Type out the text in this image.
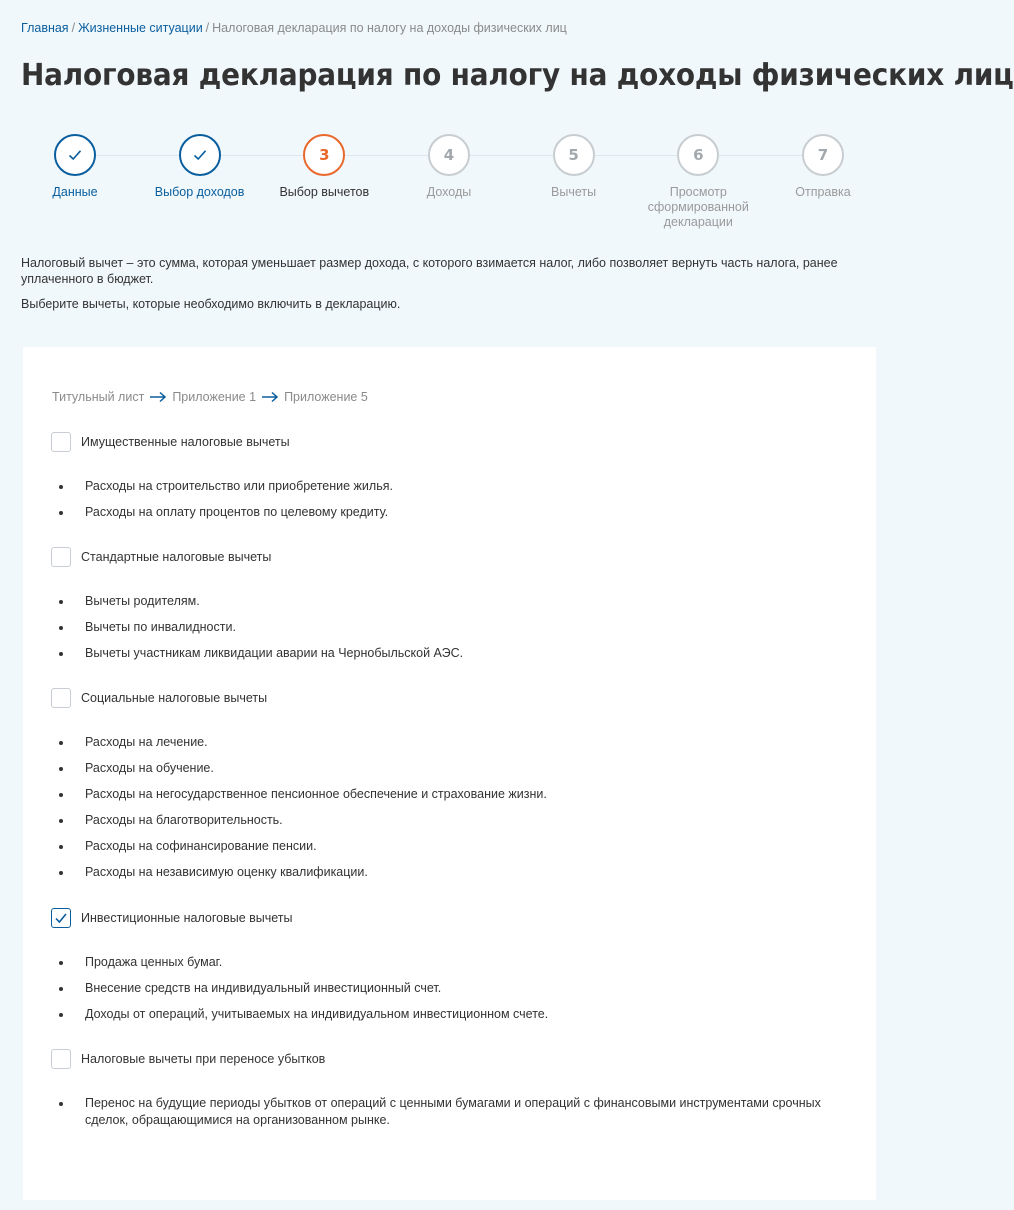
Главная / Жизненные ситуации / Налоговая декларация по налогу на доходы физических лиц
Налоговая декларация по налогу на доходы физических лиц
Данные	Выбор доходов
3
Выбор вычетов
4
Доходы
5
Вычеты
6
Просмотр сформированной декларации
7
Отправка

Налоговый вычет – это сумма, которая уменьшает размер дохода, с которого взимается налог, либо позволяет вернуть часть налога, ранее уплаченного в бюджет.

Выберите вычеты, которые необходимо включить в декларацию.

Титульный лист Приложение 1 Приложение 5
Имущественные налоговые вычеты
Расходы на строительство или приобретение жилья.
Расходы на оплату процентов по целевому кредиту.
Стандартные налоговые вычеты
Вычеты родителям.
Вычеты по инвалидности.
Вычеты участникам ликвидации аварии на Чернобыльской АЭС.
Социальные налоговые вычеты
Расходы на лечение.
Расходы на обучение.
Расходы на негосударственное пенсионное обеспечение и страхование жизни.
Расходы на благотворительность.
Расходы на софинансирование пенсии.
Расходы на независимую оценку квалификации.
Инвестиционные налоговые вычеты
Продажа ценных бумаг.
Внесение средств на индивидуальный инвестиционный счет.
Доходы от операций, учитываемых на индивидуальном инвестиционном счете.
Налоговые вычеты при переносе убытков
Перенос на будущие периоды убытков от операций с ценными бумагами и операций с финансовыми инструментами срочных сделок, обращающимися на организованном рынке.
